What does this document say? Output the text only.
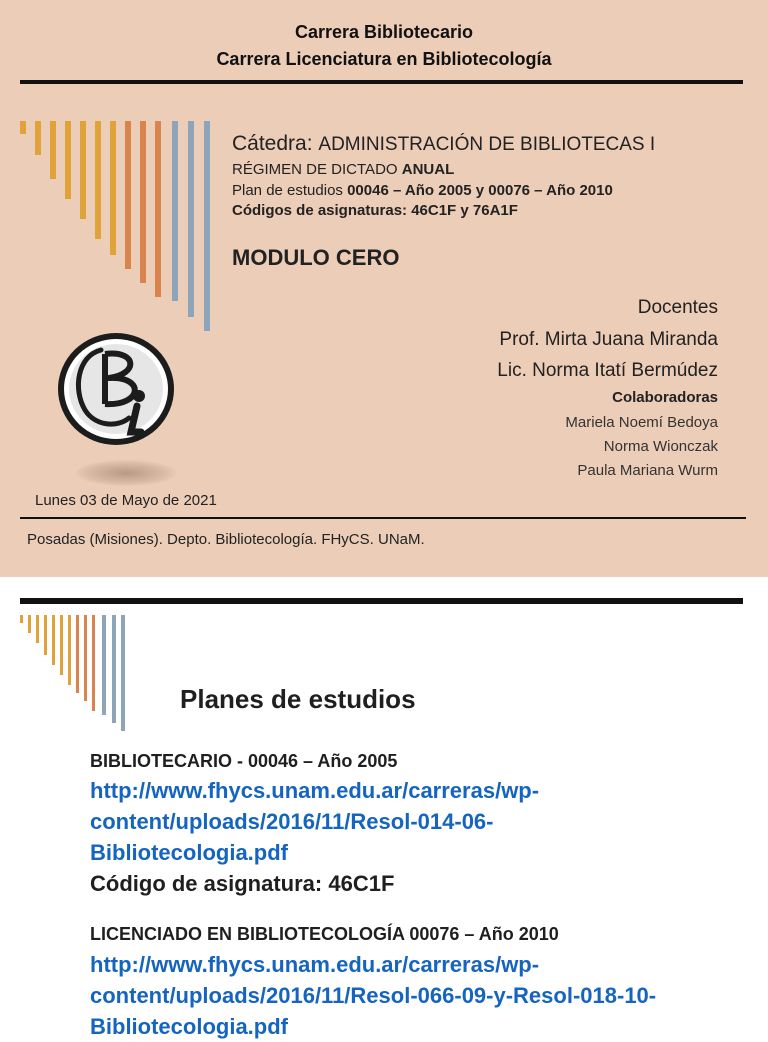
Carrera Bibliotecario
Carrera Licenciatura en Bibliotecología
Cátedra: ADMINISTRACIÓN DE BIBLIOTECAS I
RÉGIMEN DE DICTADO ANUAL
Plan de estudios 00046 – Año 2005 y 00076 – Año 2010
Códigos de asignaturas: 46C1F y 76A1F
MODULO CERO
Docentes
Prof. Mirta Juana Miranda
Lic. Norma Itatí Bermúdez
Colaboradoras
Mariela Noemí Bedoya
Norma Wionczak
Paula Mariana Wurm
Lunes 03 de Mayo de 2021
Posadas (Misiones). Depto. Bibliotecología. FHyCS. UNaM.
Planes de estudios
BIBLIOTECARIO - 00046 – Año 2005
http://www.fhycs.unam.edu.ar/carreras/wp-
content/uploads/2016/11/Resol-014-06-
Bibliotecologia.pdf
Código de asignatura: 46C1F
LICENCIADO EN BIBLIOTECOLOGÍA 00076 – Año 2010
http://www.fhycs.unam.edu.ar/carreras/wp-
content/uploads/2016/11/Resol-066-09-y-Resol-018-10-
Bibliotecologia.pdf
